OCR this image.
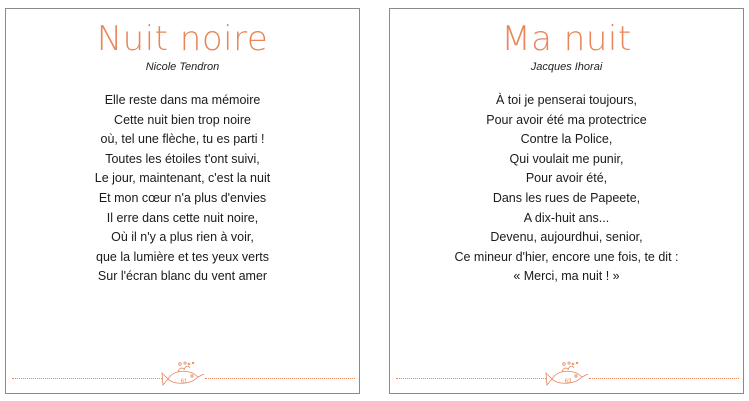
Nuit noire
Nicole Tendron
Elle reste dans ma mémoire
Cette nuit bien trop noire
où, tel une flèche, tu es parti !
Toutes les étoiles t'ont suivi,
Le jour, maintenant, c'est la nuit
Et mon cœur n'a plus d'envies
Il erre dans cette nuit noire,
Où il n'y a plus rien à voir,
que la lumière et tes yeux verts
Sur l'écran blanc du vent amer
61
Ma nuit
Jacques Ihorai
À toi je penserai toujours,
Pour avoir été ma protectrice
Contre la Police,
Qui voulait me punir,
Pour avoir été,
Dans les rues de Papeete,
A dix-huit ans...
Devenu, aujourdhui, senior,
Ce mineur d'hier, encore une fois, te dit :
« Merci, ma nuit ! »
63
